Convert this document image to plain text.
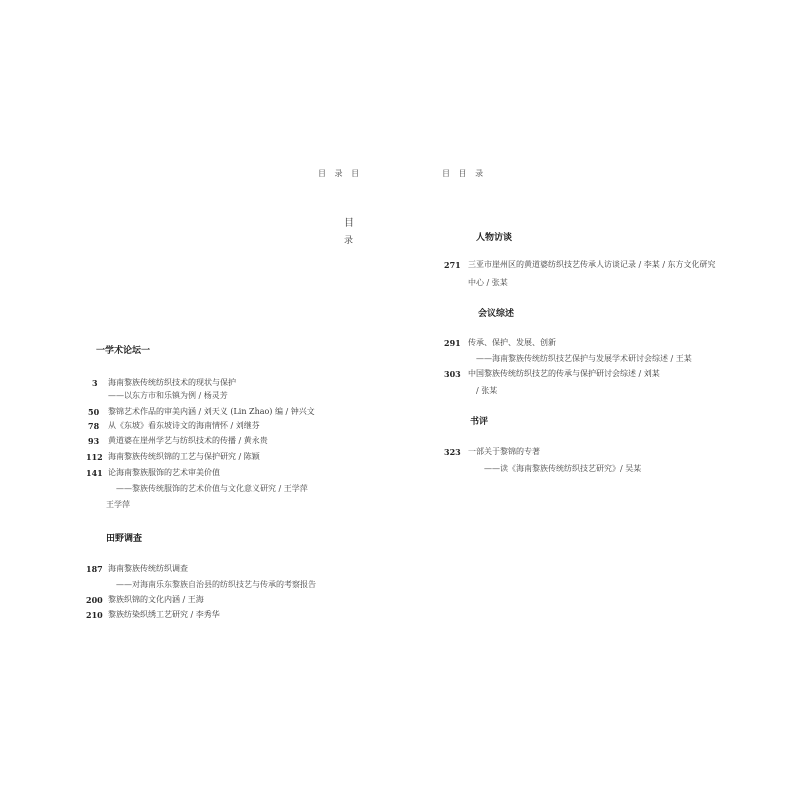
目 录 目	目 目 录
目
录
一学术论坛一
3 海南黎族传统纺织技术的现状与保护
——以东方市和乐镇为例 / 杨灵芳
50 黎锦艺术作品的审美内涵 / 刘天义 (Lin Zhao) 编 / 钟兴文
78 从《东坡》看东坡诗文的海南情怀 / 刘继芬
93 黄道婆在崖州学艺与纺织技术的传播 / 黄永贵
112 海南黎族传统织锦的工艺与保护研究 / 陈颖
141 论海南黎族服饰的艺术审美价值
——黎族传统服饰的艺术价值与文化意义研究 / 王学萍
王学萍
田野调查
187 海南黎族传统纺织调查
——对海南乐东黎族自治县的纺织技艺与传承的考察报告
200 黎族织锦的文化内涵 / 王海
210 黎族纺染织绣工艺研究 / 李秀华
人物访谈
271 三亚市崖州区的黄道婆纺织技艺传承人访谈记录 / 李某 / 东方文化研究
中心 / 张某
会议综述
291 传承、保护、发展、创新
——海南黎族传统纺织技艺保护与发展学术研讨会综述 / 王某
303 中国黎族传统纺织技艺的传承与保护研讨会综述 / 刘某
/ 张某
书评
323 一部关于黎锦的专著
——读《海南黎族传统纺织技艺研究》/ 吴某
